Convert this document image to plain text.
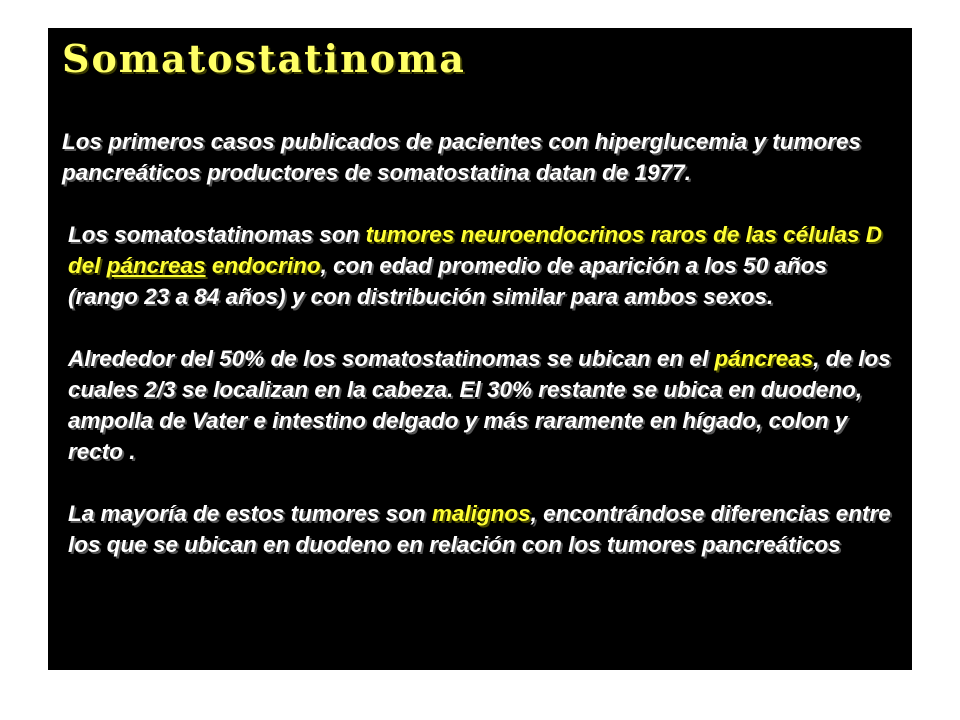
Somatostatinoma

Los primeros casos publicados de pacientes con hiperglucemia y tumores pancreáticos productores de somatostatina datan de 1977.

Los somatostatinomas son tumores neuroendocrinos raros de las células D del páncreas endocrino, con edad promedio de aparición a los 50 años (rango 23 a 84 años) y con distribución similar para ambos sexos.

Alrededor del 50% de los somatostatinomas se ubican en el páncreas, de los cuales 2/3 se localizan en la cabeza. El 30% restante se ubica en duodeno, ampolla de Vater e intestino delgado y más raramente en hígado, colon y recto .

La mayoría de estos tumores son malignos, encontrándose diferencias entre los que se ubican en duodeno en relación con los tumores pancreáticos
